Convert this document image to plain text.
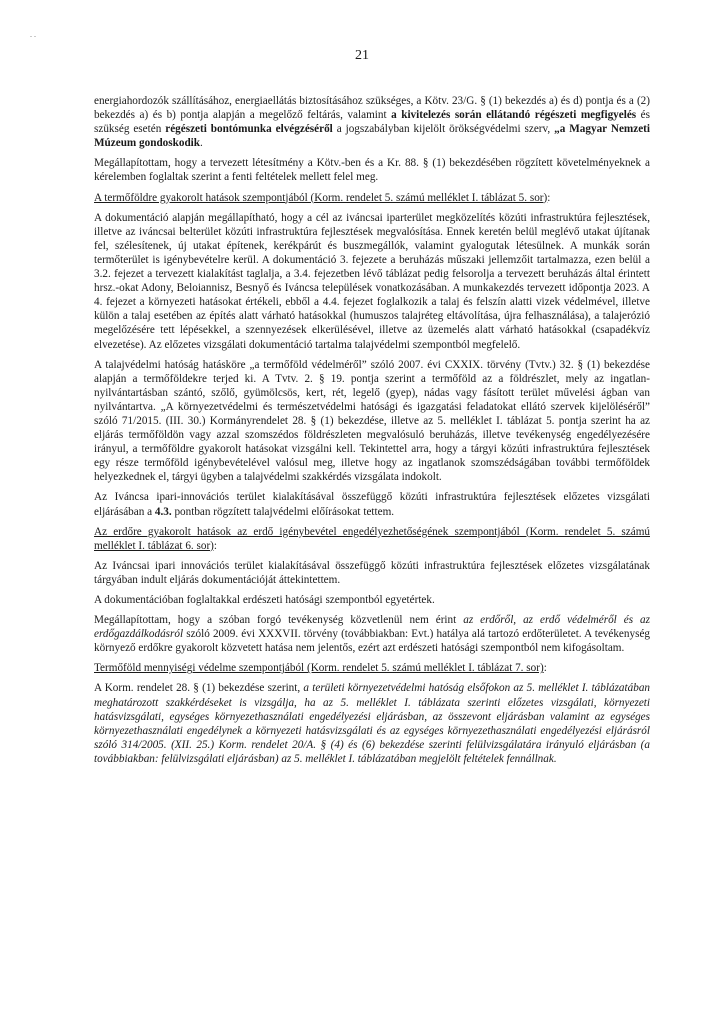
. .
21

energiahordozók szállításához, energiaellátás biztosításához szükséges, a Kötv. 23/G. § (1) bekezdés a) és d) pontja és a (2) bekezdés a) és b) pontja alapján a megelőző feltárás, valamint a kivitelezés során ellátandó régészeti megfigyelés és szükség esetén régészeti bontómunka elvégzéséről a jogszabályban kijelölt örökségvédelmi szerv, „a Magyar Nemzeti Múzeum gondoskodik.

Megállapítottam, hogy a tervezett létesítmény a Kötv.-ben és a Kr. 88. § (1) bekezdésében rögzített követelményeknek a kérelemben foglaltak szerint a fenti feltételek mellett felel meg.

A termőföldre gyakorolt hatások szempontjából (Korm. rendelet 5. számú melléklet I. táblázat 5. sor):

A dokumentáció alapján megállapítható, hogy a cél az iváncsai iparterület megközelítés közúti infrastruktúra fejlesztések, illetve az iváncsai belterület közúti infrastruktúra fejlesztések megvalósítása. Ennek keretén belül meglévő utakat újítanak fel, szélesítenek, új utakat építenek, kerékpárút és buszmegállók, valamint gyalogutak létesülnek. A munkák során termőterület is igénybevételre kerül. A dokumentáció 3. fejezete a beruházás műszaki jellemzőit tartalmazza, ezen belül a 3.2. fejezet a tervezett kialakítást taglalja, a 3.4. fejezetben lévő táblázat pedig felsorolja a tervezett beruházás által érintett hrsz.-okat Adony, Beloiannisz, Besnyő és Iváncsa települések vonatkozásában. A munkakezdés tervezett időpontja 2023. A 4. fejezet a környezeti hatásokat értékeli, ebből a 4.4. fejezet foglalkozik a talaj és felszín alatti vizek védelmével, illetve külön a talaj esetében az építés alatt várható hatásokkal (humuszos talajréteg eltávolítása, újra felhasználása), a talajerózió megelőzésére tett lépésekkel, a szennyezések elkerülésével, illetve az üzemelés alatt várható hatásokkal (csapadékvíz elvezetése). Az előzetes vizsgálati dokumentáció tartalma talajvédelmi szempontból megfelelő.

A talajvédelmi hatóság hatásköre „a termőföld védelméről” szóló 2007. évi CXXIX. törvény (Tvtv.) 32. § (1) bekezdése alapján a termőföldekre terjed ki. A Tvtv. 2. § 19. pontja szerint a termőföld az a földrészlet, mely az ingatlan-nyilvántartásban szántó, szőlő, gyümölcsös, kert, rét, legelő (gyep), nádas vagy fásított terület művelési ágban van nyilvántartva. „A környezetvédelmi és természetvédelmi hatósági és igazgatási feladatokat ellátó szervek kijelöléséről” szóló 71/2015. (III. 30.) Kormányrendelet 28. § (1) bekezdése, illetve az 5. melléklet I. táblázat 5. pontja szerint ha az eljárás termőföldön vagy azzal szomszédos földrészleten megvalósuló beruházás, illetve tevékenység engedélyezésére irányul, a termőföldre gyakorolt hatásokat vizsgálni kell. Tekintettel arra, hogy a tárgyi közúti infrastruktúra fejlesztések egy része termőföld igénybevételével valósul meg, illetve hogy az ingatlanok szomszédságában további termőföldek helyezkednek el, tárgyi ügyben a talajvédelmi szakkérdés vizsgálata indokolt.

Az Iváncsa ipari-innovációs terület kialakításával összefüggő közúti infrastruktúra fejlesztések előzetes vizsgálati eljárásában a 4.3. pontban rögzített talajvédelmi előírásokat tettem.

Az erdőre gyakorolt hatások az erdő igénybevétel engedélyezhetőségének szempontjából (Korm. rendelet 5. számú melléklet I. táblázat 6. sor):

Az Iváncsai ipari innovációs terület kialakításával összefüggő közúti infrastruktúra fejlesztések előzetes vizsgálatának tárgyában indult eljárás dokumentációját áttekintettem.

A dokumentációban foglaltakkal erdészeti hatósági szempontból egyetértek.

Megállapítottam, hogy a szóban forgó tevékenység közvetlenül nem érint az erdőről, az erdő védelméről és az erdőgazdálkodásról szóló 2009. évi XXXVII. törvény (továbbiakban: Evt.) hatálya alá tartozó erdőterületet. A tevékenység környező erdőkre gyakorolt közvetett hatása nem jelentős, ezért azt erdészeti hatósági szempontból nem kifogásoltam.

Termőföld mennyiségi védelme szempontjából (Korm. rendelet 5. számú melléklet I. táblázat 7. sor):

A Korm. rendelet 28. § (1) bekezdése szerint, a területi környezetvédelmi hatóság elsőfokon az 5. melléklet I. táblázatában meghatározott szakkérdéseket is vizsgálja, ha az 5. melléklet I. táblázata szerinti előzetes vizsgálati, környezeti hatásvizsgálati, egységes környezethasználati engedélyezési eljárásban, az összevont eljárásban valamint az egységes környezethasználati engedélynek a környezeti hatásvizsgálati és az egységes környezethasználati engedélyezési eljárásról szóló 314/2005. (XII. 25.) Korm. rendelet 20/A. § (4) és (6) bekezdése szerinti felülvizsgálatára irányuló eljárásban (a továbbiakban: felülvizsgálati eljárásban) az 5. melléklet I. táblázatában megjelölt feltételek fennállnak.
